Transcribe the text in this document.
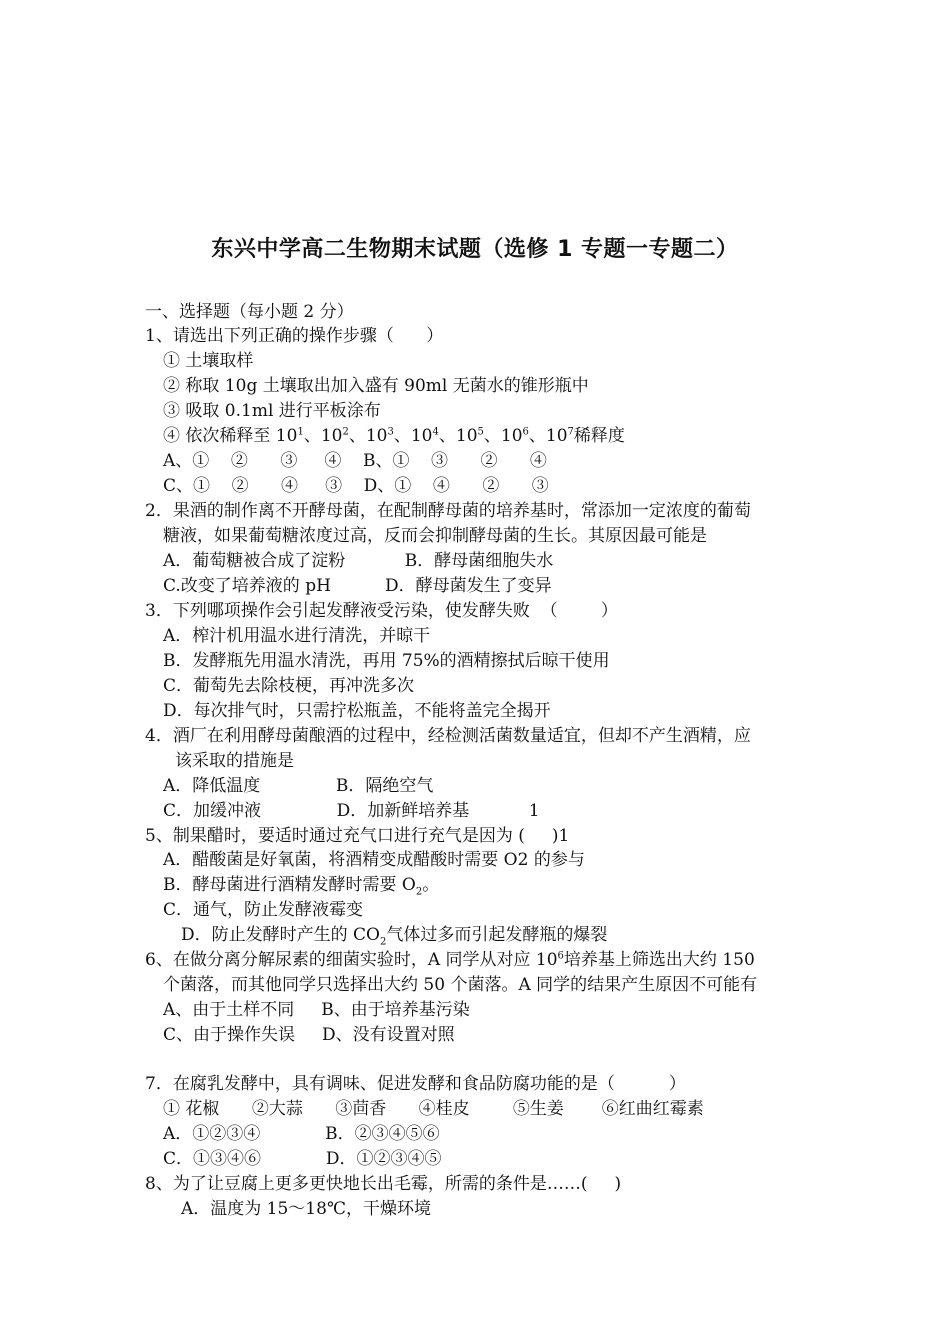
东兴中学高二生物期末试题（选修 1 专题一专题二）
一、选择题（每小题 2 分）
1、请选出下列正确的操作步骤（      ）
① 土壤取样
② 称取 10g 土壤取出加入盛有 90ml 无菌水的锥形瓶中
③ 吸取 0.1ml 进行平板涂布
④ 依次稀释至 $10^1$、$10^2$、$10^3$、$10^4$、$10^5$、$10^6$、$10^7$稀释度
A、①    ②      ③     ④    B、①    ③      ②      ④
C、①    ②      ④     ③    D、①    ④      ②      ③
2．果酒的制作离不开酵母菌，在配制酵母菌的培养基时，常添加一定浓度的葡萄
糖液，如果葡萄糖浓度过高，反而会抑制酵母菌的生长。其原因最可能是
A．葡萄糖被合成了淀粉           B．酵母菌细胞失水
C.改变了培养液的 pH          D．酵母菌发生了变异
3．下列哪项操作会引起发酵液受污染，使发酵失败  （        ）
A．榨汁机用温水进行清洗，并晾干
B．发酵瓶先用温水清洗，再用 75%的酒精擦拭后晾干使用
C．葡萄先去除枝梗，再冲洗多次
D．每次排气时，只需拧松瓶盖，不能将盖完全揭开
4．酒厂在利用酵母菌酿酒的过程中，经检测活菌数量适宜，但却不产生酒精，应
该采取的措施是
A．降低温度              B．隔绝空气
C．加缓冲液              D．加新鲜培养基           1
5、制果醋时，要适时通过充气口进行充气是因为 (     )1
A．醋酸菌是好氧菌，将酒精变成醋酸时需要 O2 的参与
B．酵母菌进行酒精发酵时需要 $O_2$。
C．通气，防止发酵液霉变
D．防止发酵时产生的 $CO_2$气体过多而引起发酵瓶的爆裂
6、在做分离分解尿素的细菌实验时，A 同学从对应 $10^6$培养基上筛选出大约 150
个菌落，而其他同学只选择出大约 50 个菌落。A 同学的结果产生原因不可能有
A、由于土样不同     B、由于培养基污染
C、由于操作失误     D、没有设置对照
7．在腐乳发酵中，具有调味、促进发酵和食品防腐功能的是（          ）
① 花椒      ②大蒜      ③茴香      ④桂皮        ⑤生姜       ⑥红曲红霉素
A．①②③④            B．②③④⑤⑥
C．①③④⑥            D．①②③④⑤
8、为了让豆腐上更多更快地长出毛霉，所需的条件是……(     )
A．温度为 15～18℃，干燥环境
